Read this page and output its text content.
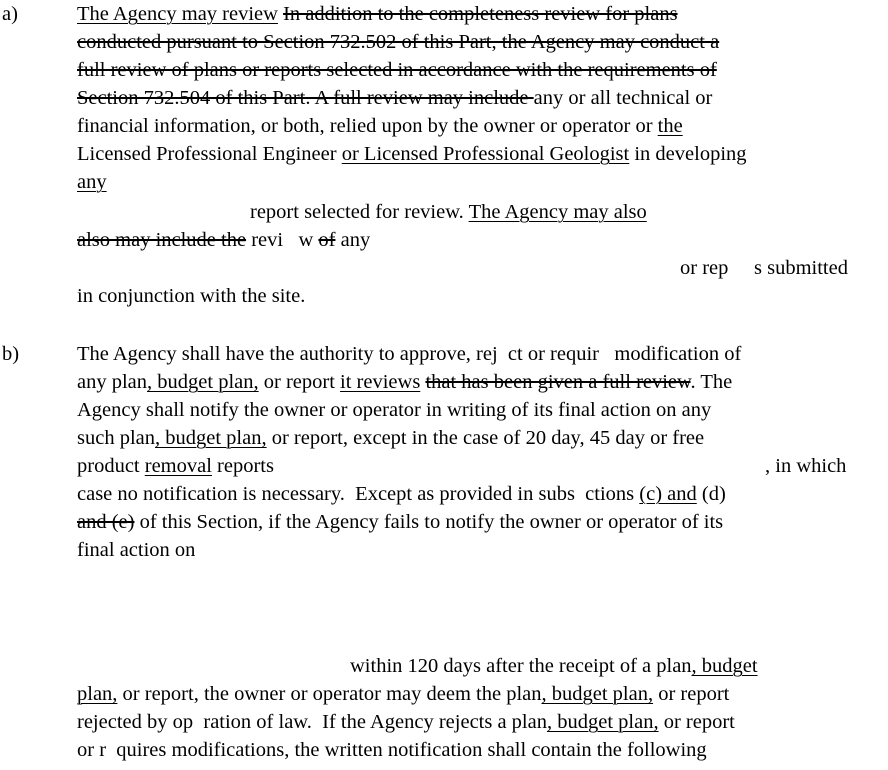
a)	The Agency may review In addition to the completeness review for plans
conducted pursuant to Section 732.502 of this Part, the Agency may conduct a
full review of plans or reports selected in accordance with the requirements of
Section 732.504 of this Part. A full review may include any or all technical or
financial information, or both, relied upon by the owner or operator or the
Licensed Professional Engineer or Licensed Professional Geologist in developing
any
report selected for review. The Agency may also
also may include the revi   w of any
or rep     s submitted
in conjunction with the site.
b)	The Agency shall have the authority to approve, rej  ct or requir   modification of
any plan, budget plan, or report it reviews that has been given a full review. The
Agency shall notify the owner or operator in writing of its final action on any
such plan, budget plan, or report, except in the case of 20 day, 45 day or free
product removal reports	, in which
case no notification is necessary.  Except as provided in subs  ctions (c) and (d)
and (e) of this Section, if the Agency fails to notify the owner or operator of its
final action on
within 120 days after the receipt of a plan, budget
plan, or report, the owner or operator may deem the plan, budget plan, or report
rejected by op  ration of law.  If the Agency rejects a plan, budget plan, or report
or r  quires modifications, the written notification shall contain the following
